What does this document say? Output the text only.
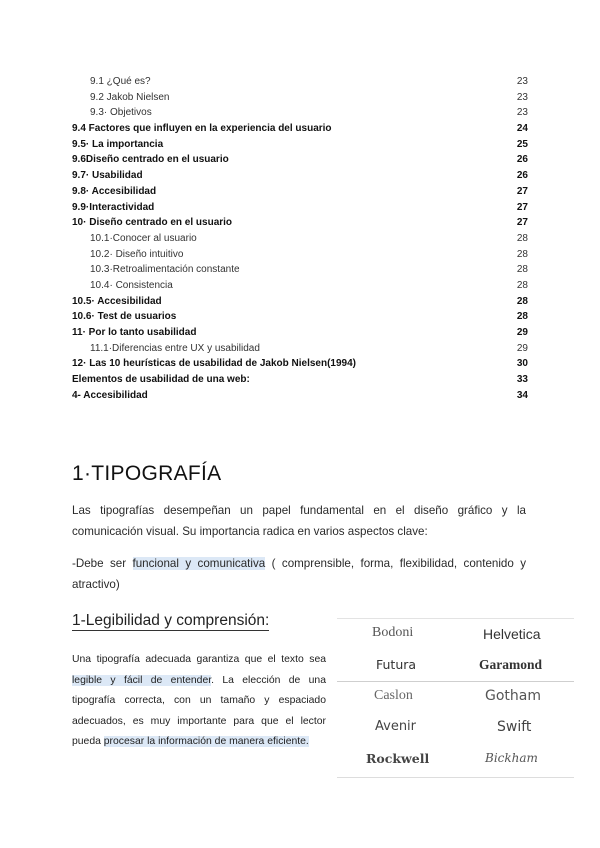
9.1 ¿Qué es?	23
9.2 Jakob Nielsen	23
9.3· Objetivos	23
9.4 Factores que influyen en la experiencia del usuario	24
9.5· La importancia	25
9.6Diseño centrado en el usuario	26
9.7· Usabilidad	26
9.8· Accesibilidad	27
9.9·Interactividad	27
10· Diseño centrado en el usuario	27
10.1·Conocer al usuario	28
10.2· Diseño intuitivo	28
10.3·Retroalimentación constante	28
10.4· Consistencia	28
10.5· Accesibilidad	28
10.6· Test de usuarios	28
11· Por lo tanto usabilidad	29
11.1·Diferencias entre UX y usabilidad	29
12· Las 10 heurísticas de usabilidad de Jakob Nielsen(1994)	30
Elementos de usabilidad de una web:	33
4- Accesibilidad	34
1·TIPOGRAFÍA
Las tipografías desempeñan un papel fundamental en el diseño gráfico y la comunicación visual. Su importancia radica en varios aspectos clave:
-Debe ser funcional y comunicativa ( comprensible, forma, flexibilidad, contenido y atractivo)
1-Legibilidad y comprensión:
Una tipografía adecuada garantiza que el texto sea legible y fácil de entender. La elección de una tipografía correcta, con un tamaño y espaciado adecuados, es muy importante para que el lector pueda procesar la información de manera eficiente.
Bodoni	Helvetica
Futura	Garamond
Caslon	Gotham
Avenir	Swift
Rockwell	Bickham
